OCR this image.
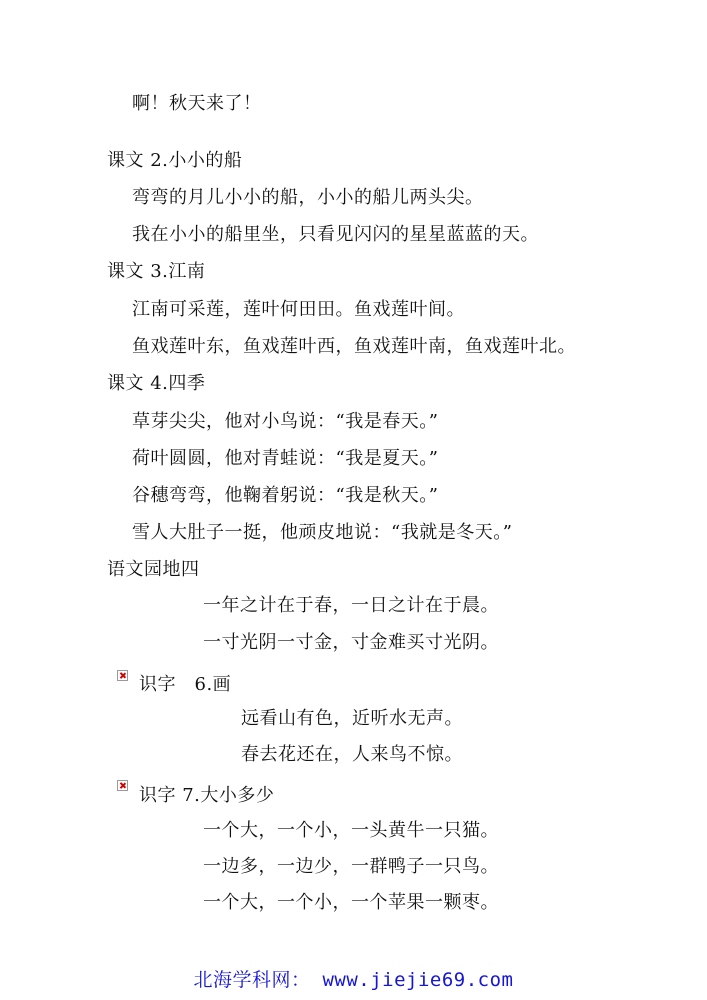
啊！秋天来了！
课文 2.小小的船
弯弯的月儿小小的船，小小的船儿两头尖。
我在小小的船里坐，只看见闪闪的星星蓝蓝的天。
课文 3.江南
江南可采莲，莲叶何田田。鱼戏莲叶间。
鱼戏莲叶东，鱼戏莲叶西，鱼戏莲叶南，鱼戏莲叶北。
课文 4.四季
草芽尖尖，他对小鸟说：“我是春天。”
荷叶圆圆，他对青蛙说：“我是夏天。”
谷穗弯弯，他鞠着躬说：“我是秋天。”
雪人大肚子一挺，他顽皮地说：“我就是冬天。”
语文园地四
一年之计在于春，一日之计在于晨。
一寸光阴一寸金，寸金难买寸光阴。
识字　6.画
远看山有色，近听水无声。
春去花还在，人来鸟不惊。
识字 7.大小多少
一个大，一个小，一头黄牛一只猫。
一边多，一边少，一群鸭子一只鸟。
一个大，一个小，一个苹果一颗枣。
北海学科网： www.jiejie69.com
